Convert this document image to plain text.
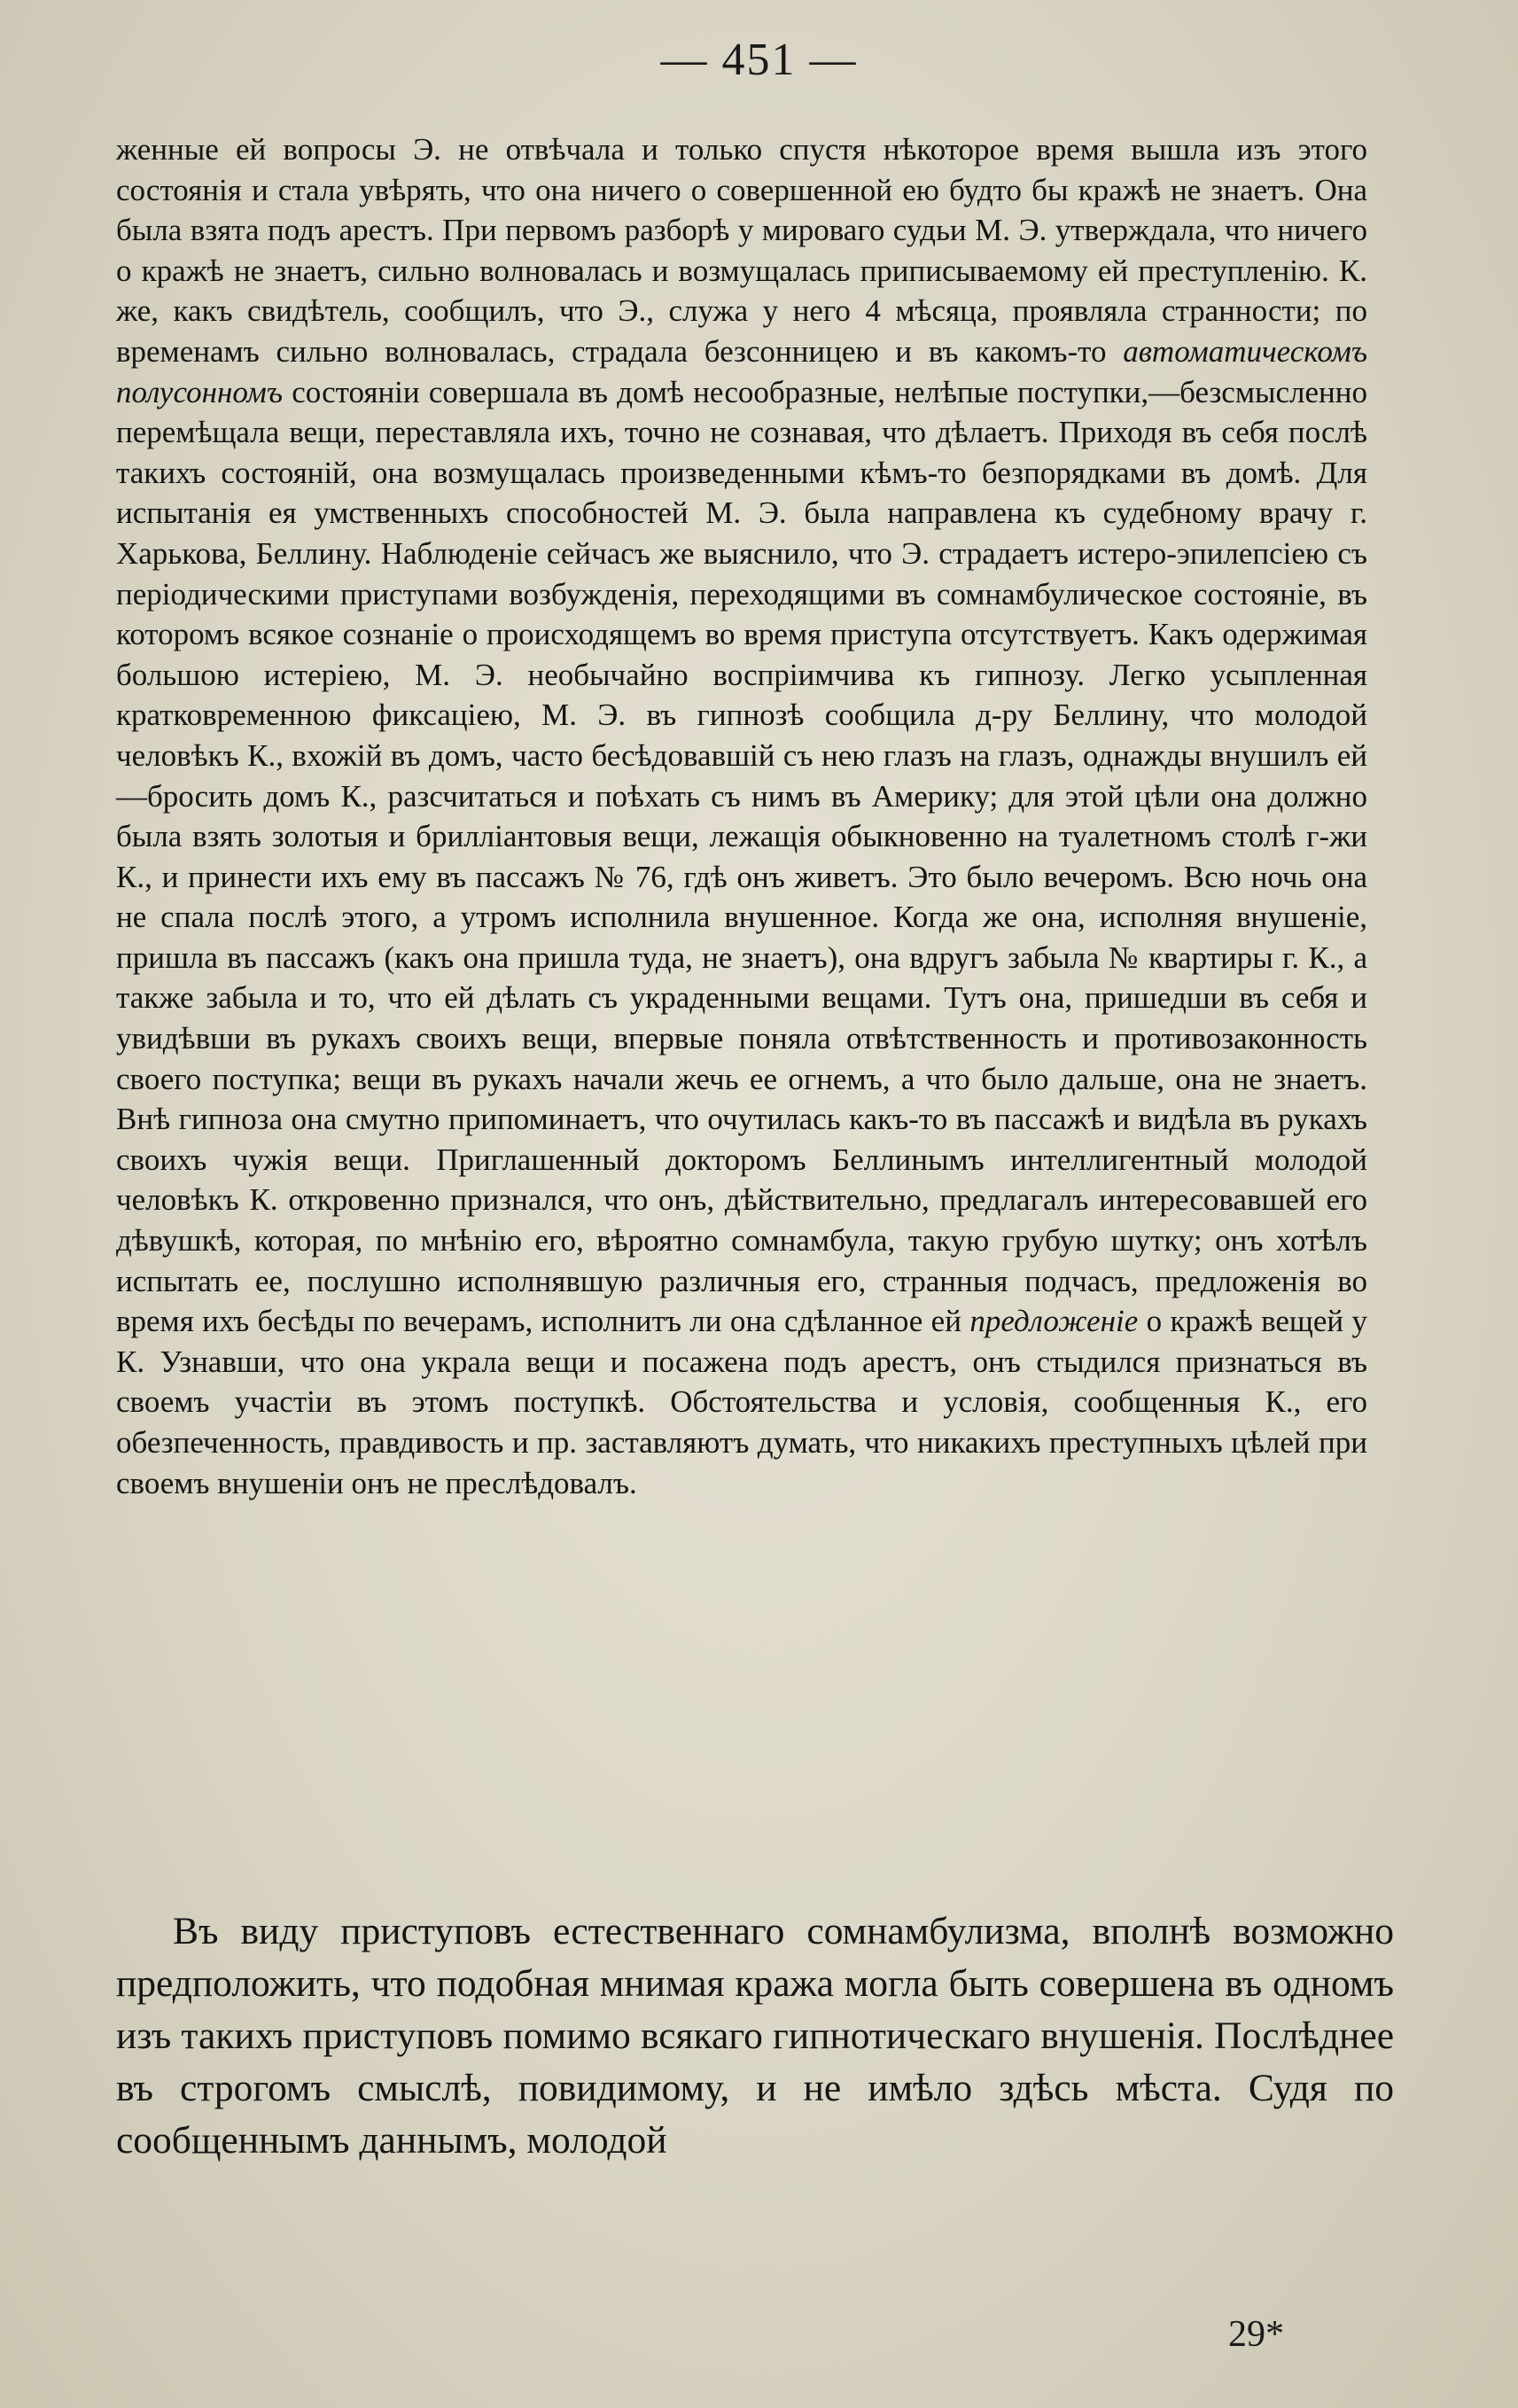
— 451 —

женные ей вопросы Э. не отвѣчала и только спустя нѣкоторое время вышла изъ этого состоянія и стала увѣрять, что она ничего о совершенной ею будто бы кражѣ не знаетъ. Она была взята подъ арестъ. При первомъ разборѣ у мироваго судьи М. Э. утверждала, что ничего о кражѣ не знаетъ, сильно волновалась и возмущалась приписываемому ей преступленію. К. же, какъ свидѣтель, сообщилъ, что Э., служа у него 4 мѣсяца, проявляла странности; по временамъ сильно волновалась, страдала безсонницею и въ какомъ-то автоматическомъ полусонномъ состояніи совершала въ домѣ несообразные, нелѣпые поступки,—безсмысленно перемѣщала вещи, переставляла ихъ, точно не сознавая, что дѣлаетъ. Приходя въ себя послѣ такихъ состояній, она возмущалась произведенными кѣмъ-то безпорядками въ домѣ. Для испытанія ея умственныхъ способностей М. Э. была направлена къ судебному врачу г. Харькова, Беллину. Наблюденіе сейчасъ же выяснило, что Э. страдаетъ истеро-эпилепсіею съ періодическими приступами возбужденія, переходящими въ сомнамбулическое состояніе, въ которомъ всякое сознаніе о происходящемъ во время приступа отсутствуетъ. Какъ одержимая большою истеріею, М. Э. необычайно воспріимчива къ гипнозу. Легко усыпленная кратковременною фиксаціею, М. Э. въ гипнозѣ сообщила д-ру Беллину, что молодой человѣкъ К., вхожій въ домъ, часто бесѣдовавшій съ нею глазъ на глазъ, однажды внушилъ ей—бросить домъ К., разсчитаться и поѣхать съ нимъ въ Америку; для этой цѣли она должно была взять золотыя и брилліантовыя вещи, лежащія обыкновенно на туалетномъ столѣ г-жи К., и принести ихъ ему въ пассажъ № 76, гдѣ онъ живетъ. Это было вечеромъ. Всю ночь она не спала послѣ этого, а утромъ исполнила внушенное. Когда же она, исполняя внушеніе, пришла въ пассажъ (какъ она пришла туда, не знаетъ), она вдругъ забыла № квартиры г. К., а также забыла и то, что ей дѣлать съ украденными вещами. Тутъ она, пришедши въ себя и увидѣвши въ рукахъ своихъ вещи, впервые поняла отвѣтственность и противозаконность своего поступка; вещи въ рукахъ начали жечь ее огнемъ, а что было дальше, она не знаетъ. Внѣ гипноза она смутно припоминаетъ, что очутилась какъ-то въ пассажѣ и видѣла въ рукахъ своихъ чужія вещи. Приглашенный докторомъ Беллинымъ интеллигентный молодой человѣкъ К. откровенно признался, что онъ, дѣйствительно, предлагалъ интересовавшей его дѣвушкѣ, которая, по мнѣнію его, вѣроятно сомнамбула, такую грубую шутку; онъ хотѣлъ испытать ее, послушно исполнявшую различныя его, странныя подчасъ, предложенія во время ихъ бесѣды по вечерамъ, исполнитъ ли она сдѣланное ей предложеніе о кражѣ вещей у К. Узнавши, что она украла вещи и посажена подъ арестъ, онъ стыдился признаться въ своемъ участіи въ этомъ поступкѣ. Обстоятельства и условія, сообщенныя К., его обезпеченность, правдивость и пр. заставляютъ думать, что никакихъ преступныхъ цѣлей при своемъ внушеніи онъ не преслѣдовалъ.

Въ виду приступовъ естественнаго сомнамбулизма, вполнѣ возможно предположить, что подобная мнимая кража могла быть совершена въ одномъ изъ такихъ приступовъ помимо всякаго гипнотическаго внушенія. Послѣднее въ строгомъ смыслѣ, повидимому, и не имѣло здѣсь мѣста. Судя по сообщеннымъ даннымъ, молодой

29*
